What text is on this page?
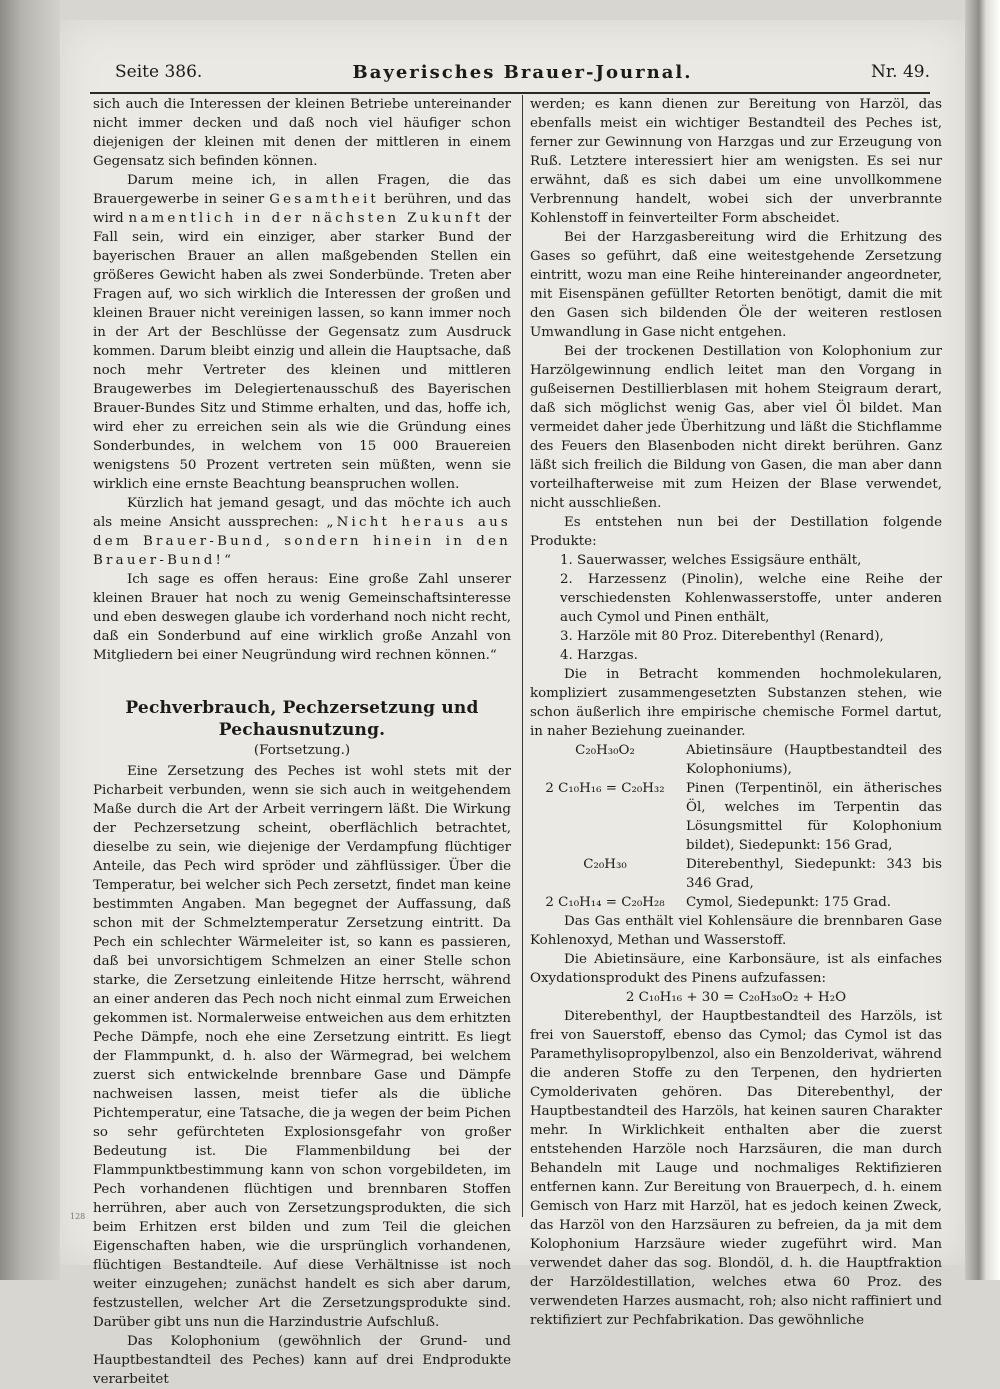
Seite 386.	Bayerisches Brauer-Journal.	Nr. 49.

sich auch die Interessen der kleinen Betriebe untereinander nicht immer decken und daß noch viel häufiger schon diejenigen der kleinen mit denen der mittleren in einem Gegensatz sich befinden können.

Darum meine ich, in allen Fragen, die das Brauergewerbe in seiner Gesamtheit berühren, und das wird namentlich in der nächsten Zukunft der Fall sein, wird ein einziger, aber starker Bund der bayerischen Brauer an allen maßgebenden Stellen ein größeres Gewicht haben als zwei Sonderbünde. Treten aber Fragen auf, wo sich wirklich die Interessen der großen und kleinen Brauer nicht vereinigen lassen, so kann immer noch in der Art der Beschlüsse der Gegensatz zum Ausdruck kommen. Darum bleibt einzig und allein die Hauptsache, daß noch mehr Vertreter des kleinen und mittleren Braugewerbes im Delegiertenausschuß des Bayerischen Brauer-Bundes Sitz und Stimme erhalten, und das, hoffe ich, wird eher zu erreichen sein als wie die Gründung eines Sonderbundes, in welchem von 15 000 Brauereien wenigstens 50 Prozent vertreten sein müßten, wenn sie wirklich eine ernste Beachtung beanspruchen wollen.

Kürzlich hat jemand gesagt, und das möchte ich auch als meine Ansicht aussprechen: „Nicht heraus aus dem Brauer-Bund, sondern hinein in den Brauer-Bund!“

Ich sage es offen heraus: Eine große Zahl unserer kleinen Brauer hat noch zu wenig Gemeinschaftsinteresse und eben deswegen glaube ich vorderhand noch nicht recht, daß ein Sonderbund auf eine wirklich große Anzahl von Mitgliedern bei einer Neugründung wird rechnen können.“

Pechverbrauch, Pechzersetzung und Pechausnutzung.
(Fortsetzung.)

Eine Zersetzung des Peches ist wohl stets mit der Picharbeit verbunden, wenn sie sich auch in weitgehendem Maße durch die Art der Arbeit verringern läßt. Die Wirkung der Pechzersetzung scheint, oberflächlich betrachtet, dieselbe zu sein, wie diejenige der Verdampfung flüchtiger Anteile, das Pech wird spröder und zähflüssiger. Über die Temperatur, bei welcher sich Pech zersetzt, findet man keine bestimmten Angaben. Man begegnet der Auffassung, daß schon mit der Schmelztemperatur Zersetzung eintritt. Da Pech ein schlechter Wärmeleiter ist, so kann es passieren, daß bei unvorsichtigem Schmelzen an einer Stelle schon starke, die Zersetzung einleitende Hitze herrscht, während an einer anderen das Pech noch nicht einmal zum Erweichen gekommen ist. Normalerweise entweichen aus dem erhitzten Peche Dämpfe, noch ehe eine Zersetzung eintritt. Es liegt der Flammpunkt, d. h. also der Wärmegrad, bei welchem zuerst sich entwickelnde brennbare Gase und Dämpfe nachweisen lassen, meist tiefer als die übliche Pichtemperatur, eine Tatsache, die ja wegen der beim Pichen so sehr gefürchteten Explosionsgefahr von großer Bedeutung ist. Die Flammenbildung bei der Flammpunktbestimmung kann von schon vorgebildeten, im Pech vorhandenen flüchtigen und brennbaren Stoffen herrühren, aber auch von Zersetzungsprodukten, die sich beim Erhitzen erst bilden und zum Teil die gleichen Eigenschaften haben, wie die ursprünglich vorhandenen, flüchtigen Bestandteile. Auf diese Verhältnisse ist noch weiter einzugehen; zunächst handelt es sich aber darum, festzustellen, welcher Art die Zersetzungsprodukte sind. Darüber gibt uns nun die Harzindustrie Aufschluß.

Das Kolophonium (gewöhnlich der Grund- und Hauptbestandteil des Peches) kann auf drei Endprodukte verarbeitet

werden; es kann dienen zur Bereitung von Harzöl, das ebenfalls meist ein wichtiger Bestandteil des Peches ist, ferner zur Gewinnung von Harzgas und zur Erzeugung von Ruß. Letztere interessiert hier am wenigsten. Es sei nur erwähnt, daß es sich dabei um eine unvollkommene Verbrennung handelt, wobei sich der unverbrannte Kohlenstoff in feinverteilter Form abscheidet.

Bei der Harzgasbereitung wird die Erhitzung des Gases so geführt, daß eine weitestgehende Zersetzung eintritt, wozu man eine Reihe hintereinander angeordneter, mit Eisenspänen gefüllter Retorten benötigt, damit die mit den Gasen sich bildenden Öle der weiteren restlosen Umwandlung in Gase nicht entgehen.

Bei der trockenen Destillation von Kolophonium zur Harzölgewinnung endlich leitet man den Vorgang in gußeisernen Destillierblasen mit hohem Steigraum derart, daß sich möglichst wenig Gas, aber viel Öl bildet. Man vermeidet daher jede Überhitzung und läßt die Stichflamme des Feuers den Blasenboden nicht direkt berühren. Ganz läßt sich freilich die Bildung von Gasen, die man aber dann vorteilhafterweise mit zum Heizen der Blase verwendet, nicht ausschließen.

Es entstehen nun bei der Destillation folgende Produkte:

1. Sauerwasser, welches Essigsäure enthält,

2. Harzessenz (Pinolin), welche eine Reihe der verschiedensten Kohlenwasserstoffe, unter anderen auch Cymol und Pinen enthält,

3. Harzöle mit 80 Proz. Diterebenthyl (Renard),

4. Harzgas.

Die in Betracht kommenden hochmolekularen, kompliziert zusammengesetzten Substanzen stehen, wie schon äußerlich ihre empirische chemische Formel dartut, in naher Beziehung zueinander.

C₂₀H₃₀O₂	Abietinsäure (Hauptbestandteil des Kolophoniums),
2 C₁₀H₁₆ = C₂₀H₃₂	Pinen (Terpentinöl, ein ätherisches Öl, welches im Terpentin das Lösungsmittel für Kolophonium bildet), Siedepunkt: 156 Grad,
C₂₀H₃₀	Diterebenthyl, Siedepunkt: 343 bis 346 Grad,
2 C₁₀H₁₄ = C₂₀H₂₈	Cymol, Siedepunkt: 175 Grad.

Das Gas enthält viel Kohlensäure die brennbaren Gase Kohlenoxyd, Methan und Wasserstoff.

Die Abietinsäure, eine Karbonsäure, ist als einfaches Oxydationsprodukt des Pinens aufzufassen:

2 C₁₀H₁₆ + 30 = C₂₀H₃₀O₂ + H₂O

Diterebenthyl, der Hauptbestandteil des Harzöls, ist frei von Sauerstoff, ebenso das Cymol; das Cymol ist das Paramethylisopropylbenzol, also ein Benzolderivat, während die anderen Stoffe zu den Terpenen, den hydrierten Cymolderivaten gehören. Das Diterebenthyl, der Hauptbestandteil des Harzöls, hat keinen sauren Charakter mehr. In Wirklichkeit enthalten aber die zuerst entstehenden Harzöle noch Harzsäuren, die man durch Behandeln mit Lauge und nochmaliges Rektifizieren entfernen kann. Zur Bereitung von Brauerpech, d. h. einem Gemisch von Harz mit Harzöl, hat es jedoch keinen Zweck, das Harzöl von den Harzsäuren zu befreien, da ja mit dem Kolophonium Harzsäure wieder zugeführt wird. Man verwendet daher das sog. Blondöl, d. h. die Hauptfraktion der Harzöldestillation, welches etwa 60 Proz. des verwendeten Harzes ausmacht, roh; also nicht raffiniert und rektifiziert zur Pechfabrikation. Das gewöhnliche

128
